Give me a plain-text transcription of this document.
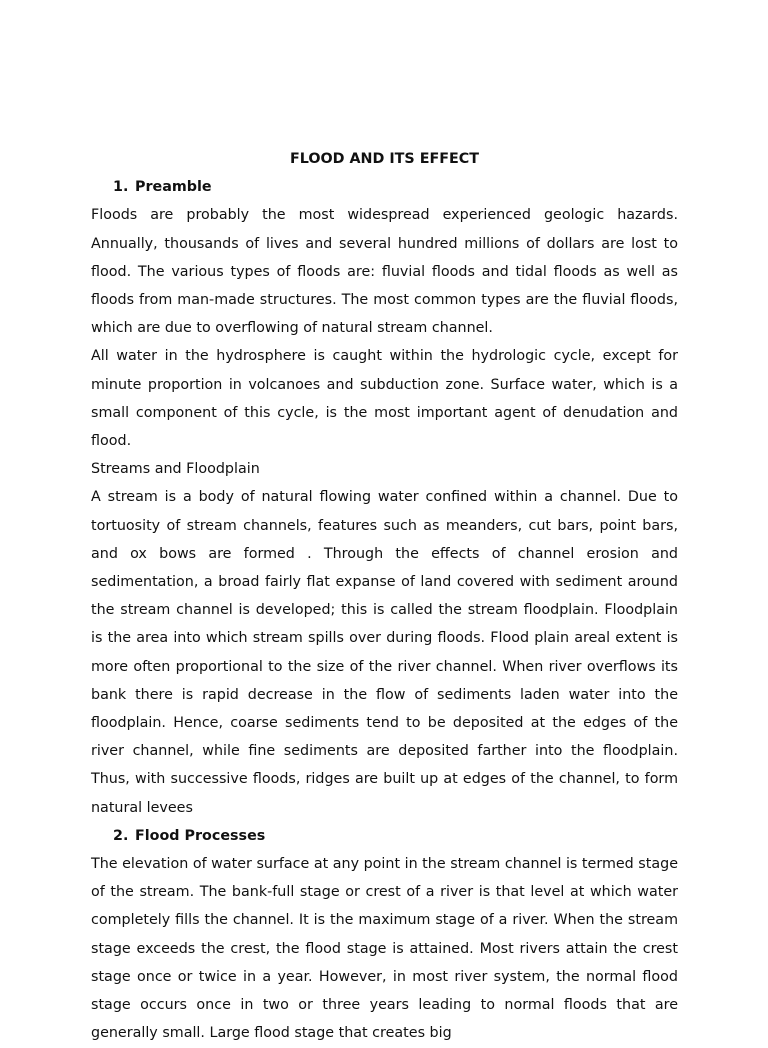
FLOOD AND ITS EFFECT

1. Preamble

Floods are probably the most widespread experienced geologic hazards. Annually, thousands of lives and several hundred millions of dollars are lost to flood. The various types of floods are: fluvial floods and tidal floods as well as floods from man-made structures. The most common types are the fluvial floods, which are due to overflowing of natural stream channel.

All water in the hydrosphere is caught within the hydrologic cycle, except for minute proportion in volcanoes and subduction zone. Surface water, which is a small component of this cycle, is the most important agent of denudation and flood.

Streams and Floodplain

A stream is a body of natural flowing water confined within a channel. Due to tortuosity of stream channels, features such as meanders, cut bars, point bars, and ox bows are formed . Through the effects of channel erosion and sedimentation, a broad fairly flat expanse of land covered with sediment around the stream channel is developed; this is called the stream floodplain. Floodplain is the area into which stream spills over during floods. Flood plain areal extent is more often proportional to the size of the river channel. When river overflows its bank there is rapid decrease in the flow of sediments laden water into the floodplain. Hence, coarse sediments tend to be deposited at the edges of the river channel, while fine sediments are deposited farther into the floodplain. Thus, with successive floods, ridges are built up at edges of the channel, to form natural levees

2. Flood Processes

The elevation of water surface at any point in the stream channel is termed stage of the stream. The bank-full stage or crest of a river is that level at which water completely fills the channel. It is the maximum stage of a river. When the stream stage exceeds the crest, the flood stage is attained. Most rivers attain the crest stage once or twice in a year. However, in most river system, the normal flood stage occurs once in two or three years leading to normal floods that are generally small. Large flood stage that creates big
